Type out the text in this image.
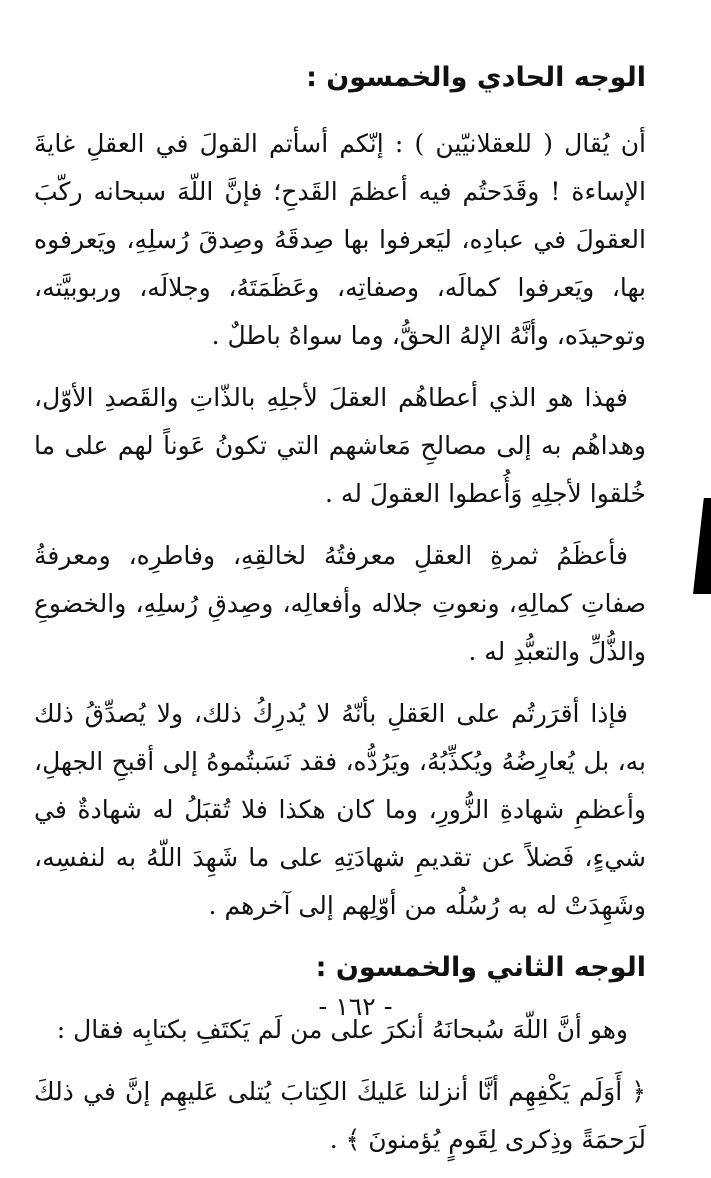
الوجه الحادي والخمسون :

أن يُقال ( للعقلانيّين ) : إنّكم أسأتم القولَ في العقلِ غايةَ الإساءة ! وقَدَحتُم فيه أعظمَ القَدحِ؛ فإنَّ اللّهَ سبحانه ركّبَ العقولَ في عبادِه، ليَعرفوا بها صِدقَهُ وصِدقَ رُسلِهِ، ويَعرفوه بها، ويَعرفوا كمالَه، وصفاتِه، وعَظَمَتَهُ، وجلالَه، وربوبيَّته، وتوحيدَه، وأنَّهُ الإلهُ الحقُّ، وما سواهُ باطلٌ .

فهذا هو الذي أعطاهُم العقلَ لأجلِهِ بالذّاتِ والقَصدِ الأوّل، وهداهُم به إلى مصالحِ مَعاشهم التي تكونُ عَوناً لهم على ما خُلقوا لأجلِهِ وَأُعطوا العقولَ له .

فأعظَمُ ثمرةِ العقلِ معرفتُهُ لخالقِهِ، وفاطرِه، ومعرفةُ صفاتِ كمالِهِ، ونعوتِ جلاله وأفعالِه، وصِدقِ رُسلِهِ، والخضوعِ والذُّلِّ والتعبُّدِ له .

فإذا أقرَرتُم على العَقلِ بأنّهُ لا يُدرِكُ ذلك، ولا يُصدِّقُ ذلك به، بل يُعارِضُهُ ويُكذِّبُهُ، ويَرُدُّه، فقد نَسَبتُموهُ إلى أقبحِ الجهلِ، وأعظمِ شهادةِ الزُّورِ، وما كان هكذا فلا تُقبَلُ له شهادةٌ في شيءٍ، فَضلاً عن تقديمِ شهادَتِهِ على ما شَهِدَ اللّهُ به لنفسِه، وشَهِدَتْ له به رُسُلُه من أوّلِهم إلى آخرهم .

الوجه الثاني والخمسون :

وهو أنَّ اللّهَ سُبحانَهُ أنكرَ على من لَم يَكتَفِ بكتابِه فقال :

﴿ أَوَلَم يَكْفِهِم أنَّا أنزلنا عَليكَ الكِتابَ يُتلى عَليهِم إنَّ في ذلكَ لَرَحمَةً وذِكرى لِقَومٍ يُؤمنونَ ﴾ .

- ١٦٢ -
